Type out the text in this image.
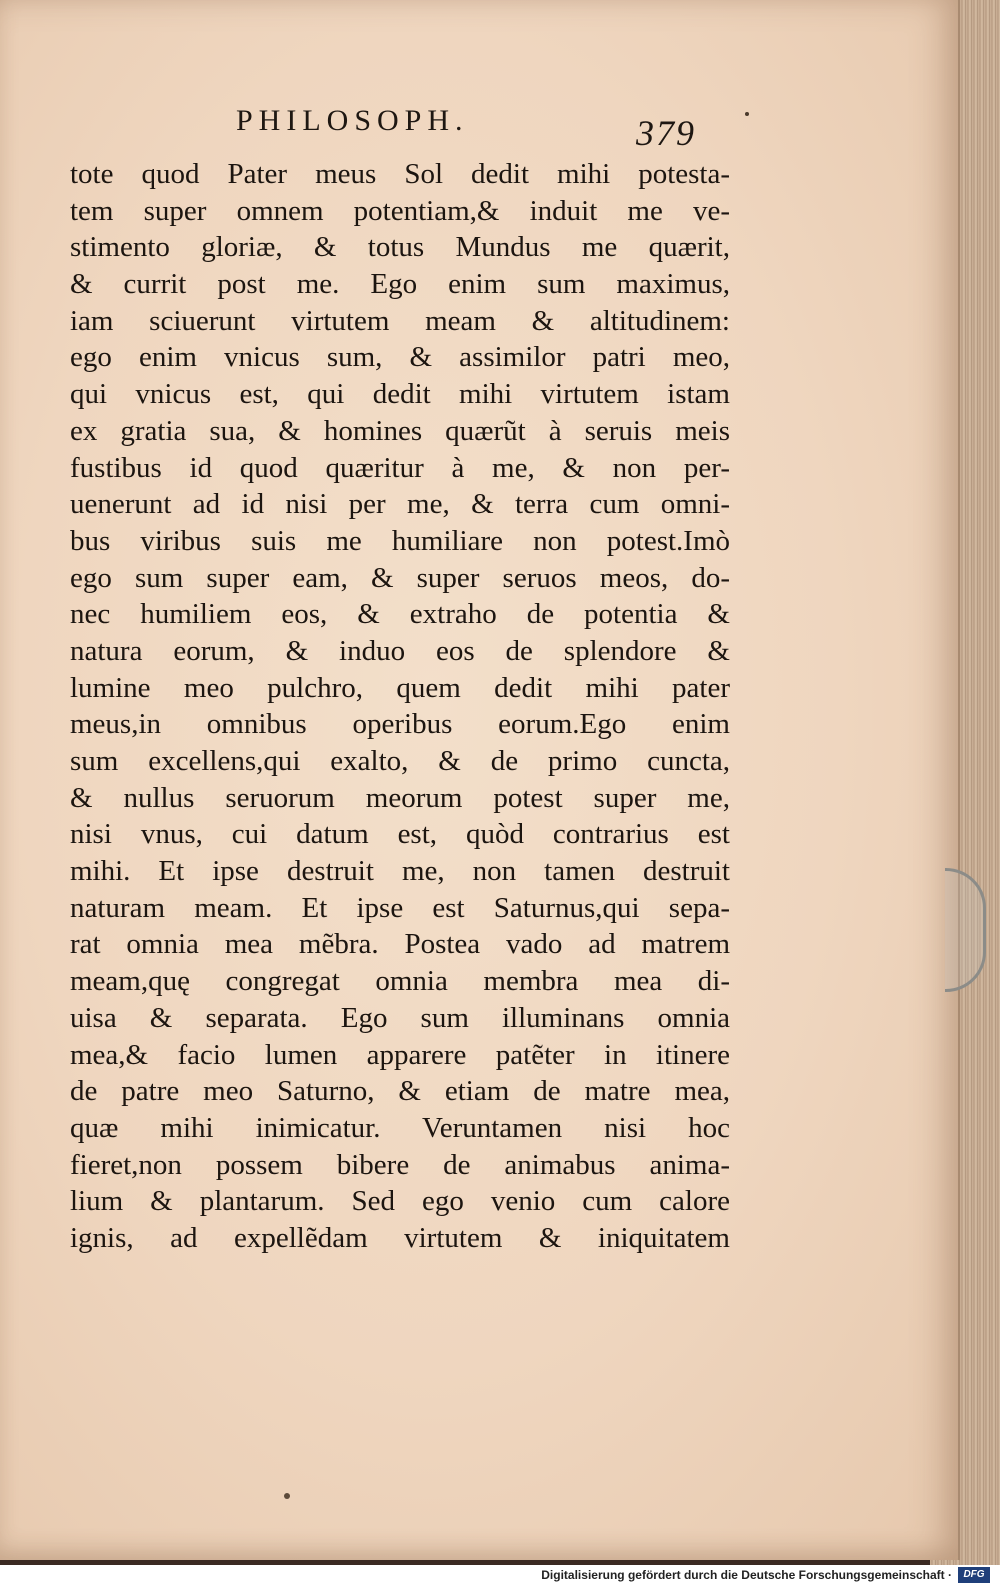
PHILOSOPH.	379
tote quod Pater meus Sol dedit mihi potesta-
tem super omnem potentiam,& induit me ve-
stimento gloriæ, & totus Mundus me quærit,
& currit post me. Ego enim sum maximus,
iam sciuerunt virtutem meam & altitudinem:
ego enim vnicus sum, & assimilor patri meo,
qui vnicus est, qui dedit mihi virtutem istam
ex gratia sua, & homines quærũt à seruis meis
fustibus id quod quæritur à me, & non per-
uenerunt ad id nisi per me, & terra cum omni-
bus viribus suis me humiliare non potest.Imò
ego sum super eam, & super seruos meos, do-
nec humiliem eos, & extraho de potentia &
natura eorum, & induo eos de splendore &
lumine meo pulchro, quem dedit mihi pater
meus,in omnibus operibus eorum.Ego enim
sum excellens,qui exalto, & de primo cuncta,
& nullus seruorum meorum potest super me,
nisi vnus, cui datum est, quòd contrarius est
mihi. Et ipse destruit me, non tamen destruit
naturam meam. Et ipse est Saturnus,qui sepa-
rat omnia mea mẽbra. Postea vado ad matrem
meam,quę congregat omnia membra mea di-
uisa & separata. Ego sum illuminans omnia
mea,& facio lumen apparere patẽter in itinere
de patre meo Saturno, & etiam de matre mea,
quæ mihi inimicatur. Veruntamen nisi hoc
fieret,non possem bibere de animabus anima-
lium & plantarum. Sed ego venio cum calore
ignis, ad expellẽdam virtutem & iniquitatem
Digitalisierung gefördert durch die Deutsche Forschungsgemeinschaft ·	DFG
